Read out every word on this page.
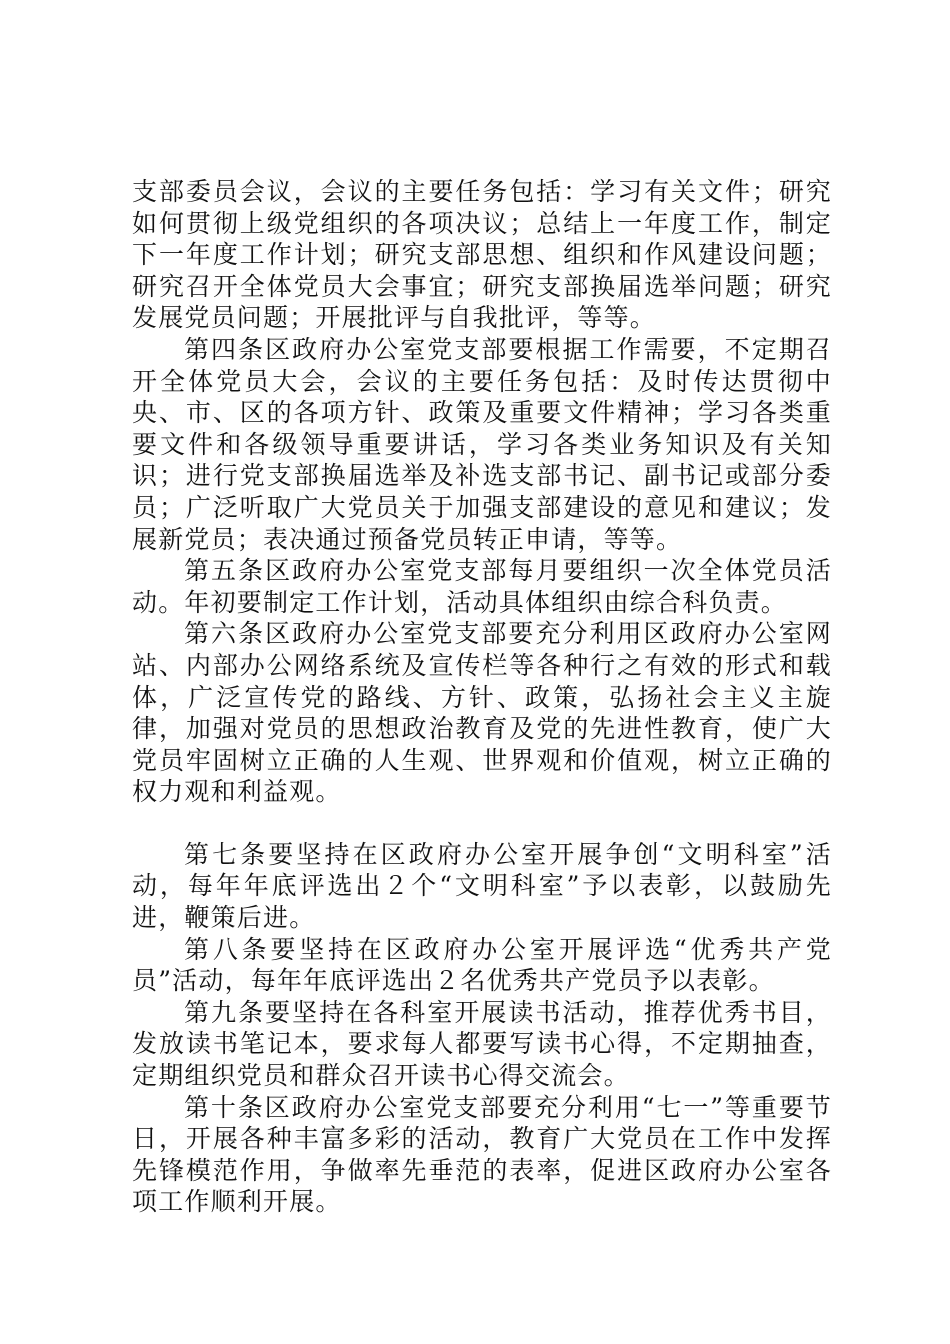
支部委员会议，会议的主要任务包括：学习有关文件；研究如何贯彻上级党组织的各项决议；总结上一年度工作，制定下一年度工作计划；研究支部思想、组织和作风建设问题；研究召开全体党员大会事宜；研究支部换届选举问题；研究发展党员问题；开展批评与自我批评，等等。

第四条区政府办公室党支部要根据工作需要，不定期召开全体党员大会，会议的主要任务包括：及时传达贯彻中央、市、区的各项方针、政策及重要文件精神；学习各类重要文件和各级领导重要讲话，学习各类业务知识及有关知识；进行党支部换届选举及补选支部书记、副书记或部分委员；广泛听取广大党员关于加强支部建设的意见和建议；发展新党员；表决通过预备党员转正申请，等等。

第五条区政府办公室党支部每月要组织一次全体党员活动。年初要制定工作计划，活动具体组织由综合科负责。

第六条区政府办公室党支部要充分利用区政府办公室网站、内部办公网络系统及宣传栏等各种行之有效的形式和载体，广泛宣传党的路线、方针、政策，弘扬社会主义主旋律，加强对党员的思想政治教育及党的先进性教育，使广大党员牢固树立正确的人生观、世界观和价值观，树立正确的权力观和利益观。

第七条要坚持在区政府办公室开展争创“文明科室”活动，每年年底评选出２个“文明科室”予以表彰，以鼓励先进，鞭策后进。

第八条要坚持在区政府办公室开展评选“优秀共产党员”活动，每年年底评选出２名优秀共产党员予以表彰。

第九条要坚持在各科室开展读书活动，推荐优秀书目，发放读书笔记本，要求每人都要写读书心得，不定期抽查，定期组织党员和群众召开读书心得交流会。

第十条区政府办公室党支部要充分利用“七一”等重要节日，开展各种丰富多彩的活动，教育广大党员在工作中发挥先锋模范作用，争做率先垂范的表率，促进区政府办公室各项工作顺利开展。
